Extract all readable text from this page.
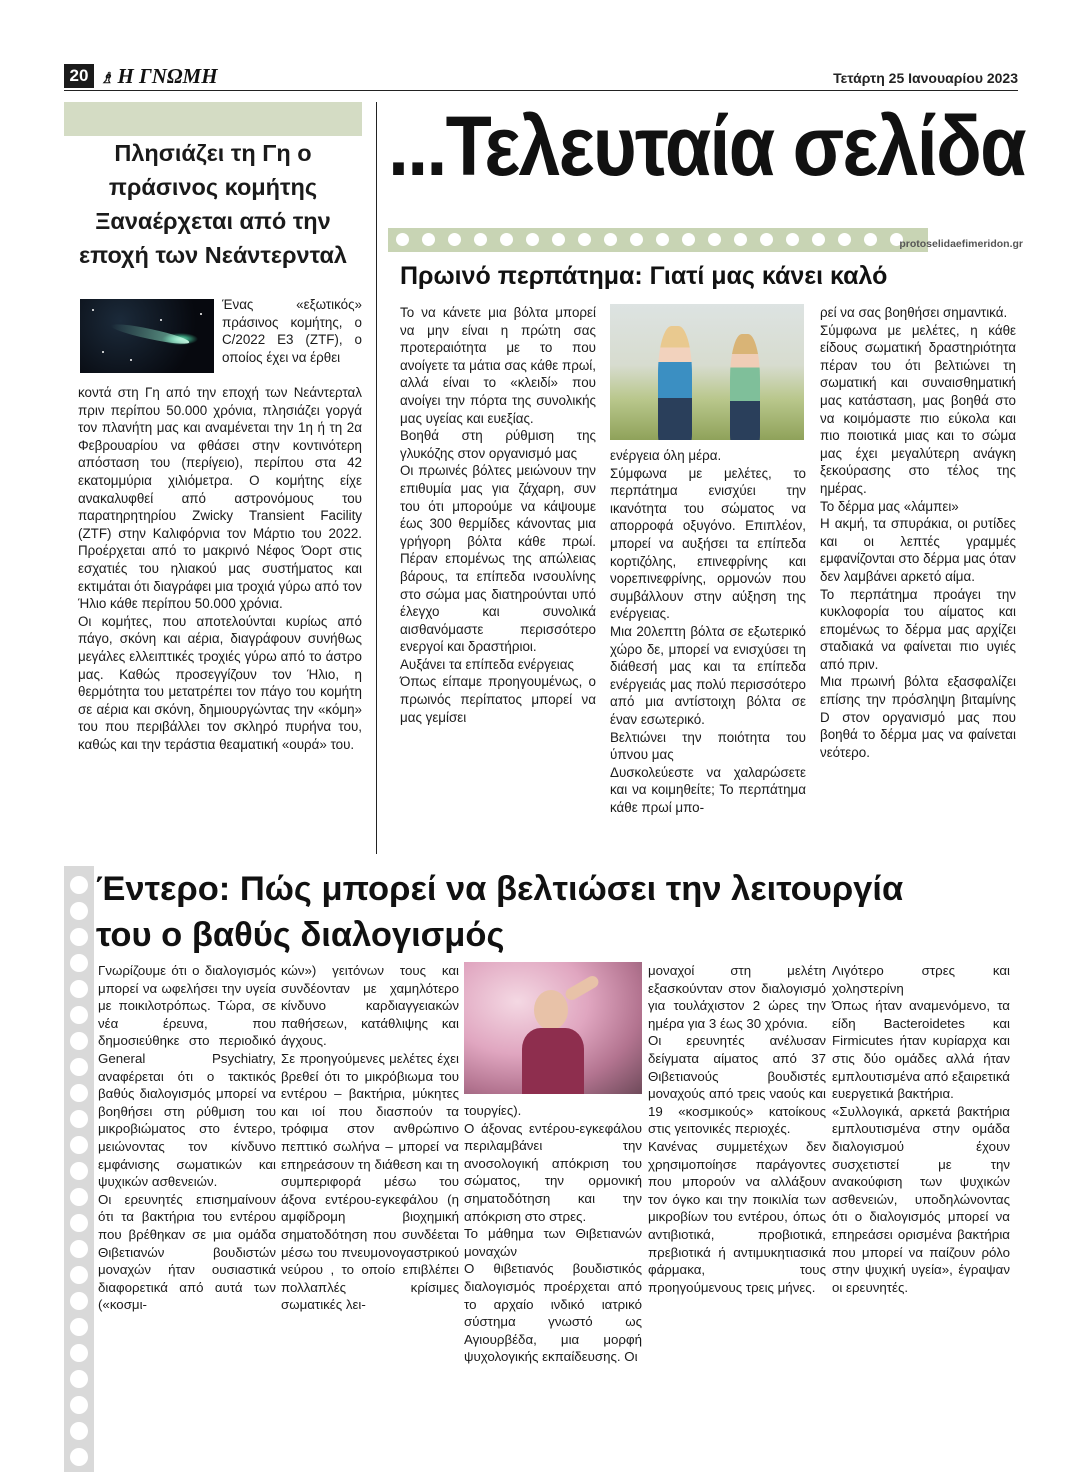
20 ♗ Η ΓΝΩΜΗ	Τετάρτη 25 Ιανουαρίου 2023
Πλησιάζει τη Γη ο πράσινος κομήτης Ξαναέρχεται από την εποχή των Νεάντερνταλ
Ένας «εξωτικός» πράσινος κομήτης, ο C/2022 E3 (ZTF), ο οποίος έχει να έρθει

κοντά στη Γη από την εποχή των Νεάντερταλ πριν περίπου 50.000 χρόνια, πλησιάζει γοργά τον πλανήτη μας και αναμένεται την 1η ή τη 2α Φεβρουαρίου να φθάσει στην κοντινότερη απόσταση του (περίγειο), περίπου στα 42 εκατομμύρια χιλιόμετρα. Ο κομήτης είχε ανακαλυφθεί από αστρονόμους του παρατηρητηρίου Zwicky Transient Facility (ZTF) στην Καλιφόρνια τον Μάρτιο του 2022. Προέρχεται από το μακρινό Νέφος Όορτ στις εσχατιές του ηλιακού μας συστήματος και εκτιμάται ότι διαγράφει μια τροχιά γύρω από τον Ήλιο κάθε περίπου 50.000 χρόνια.

Οι κομήτες, που αποτελούνται κυρίως από πάγο, σκόνη και αέρια, διαγράφουν συνήθως μεγάλες ελλειπτικές τροχιές γύρω από το άστρο μας. Καθώς προσεγγίζουν τον Ήλιο, η θερμότητα του μετατρέπει τον πάγο του κομήτη σε αέρια και σκόνη, δημιουργώντας την «κόμη» του που περιβάλλει τον σκληρό πυρήνα του, καθώς και την τεράστια θεαματική «ουρά» του.

...Τελευταία σελίδα
protoselidaefimeridon.gr
Πρωινό περπάτημα: Γιατί μας κάνει καλό

Το να κάνετε μια βόλτα μπορεί να μην είναι η πρώτη σας προτεραιότητα με το που ανοίγετε τα μάτια σας κάθε πρωί, αλλά είναι το «κλειδί» που ανοίγει την πόρτα της συνολικής μας υγείας και ευεξίας.

Βοηθά στη ρύθμιση της γλυκόζης στον οργανισμό μας

Οι πρωινές βόλτες μειώνουν την επιθυμία μας για ζάχαρη, συν του ότι μπορούμε να κάψουμε έως 300 θερμίδες κάνοντας μια γρήγορη βόλτα κάθε πρωί. Πέραν επομένως της απώλειας βάρους, τα επίπεδα ινσουλίνης στο σώμα μας διατηρούνται υπό έλεγχο και συνολικά αισθανόμαστε περισσότερο ενεργοί και δραστήριοι.

Αυξάνει τα επίπεδα ενέργειας

Όπως είπαμε προηγουμένως, ο πρωινός περίπατος μπορεί να μας γεμίσει

ενέργεια όλη μέρα.

Σύμφωνα με μελέτες, το περπάτημα ενισχύει την ικανότητα του σώματος να απορροφά οξυγόνο. Επιπλέον, μπορεί να αυξήσει τα επίπεδα κορτιζόλης, επινεφρίνης και νορεπινεφρίνης, ορμονών που συμβάλλουν στην αύξηση της ενέργειας.

Μια 20λεπτη βόλτα σε εξωτερικό χώρο δε, μπορεί να ενισχύσει τη διάθεσή μας και τα επίπεδα ενέργειάς μας πολύ περισσότερο από μια αντίστοιχη βόλτα σε έναν εσωτερικό.

Βελτιώνει την ποιότητα του ύπνου μας

Δυσκολεύεστε να χαλαρώσετε και να κοιμηθείτε; Το περπάτημα κάθε πρωί μπο-

ρεί να σας βοηθήσει σημαντικά.

Σύμφωνα με μελέτες, η κάθε είδους σωματική δραστηριότητα πέραν του ότι βελτιώνει τη σωματική και συναισθηματική μας κατάσταση, μας βοηθά στο να κοιμόμαστε πιο εύκολα και πιο ποιοτικά μιας και το σώμα μας έχει μεγαλύτερη ανάγκη ξεκούρασης στο τέλος της ημέρας.

Το δέρμα μας «λάμπει»

Η ακμή, τα σπυράκια, οι ρυτίδες και οι λεπτές γραμμές εμφανίζονται στο δέρμα μας όταν δεν λαμβάνει αρκετό αίμα.

Το περπάτημα προάγει την κυκλοφορία του αίματος και επομένως το δέρμα μας αρχίζει σταδιακά να φαίνεται πιο υγιές από πριν.

Μια πρωινή βόλτα εξασφαλίζει επίσης την πρόσληψη βιταμίνης D στον οργανισμό μας που βοηθά το δέρμα μας να φαίνεται νεότερο.

Έντερο: Πώς μπορεί να βελτιώσει την λειτουργία
του ο βαθύς διαλογισμός

Γνωρίζουμε ότι ο διαλογισμός μπορεί να ωφελήσει την υγεία με ποικιλοτρόπως. Τώρα, σε νέα έρευνα, που δημοσιεύθηκε στο περιοδικό General Psychiatry, αναφέρεται ότι ο τακτικός βαθύς διαλογισμός μπορεί να βοηθήσει στη ρύθμιση του μικροβιώματος στο έντερο, μειώνοντας τον κίνδυνο εμφάνισης σωματικών και ψυχικών ασθενειών.

Οι ερευνητές επισημαίνουν ότι τα βακτήρια του εντέρου που βρέθηκαν σε μια ομάδα Θιβετιανών βουδιστών μοναχών ήταν ουσιαστικά διαφορετικά από αυτά των («κοσμι-

κών») γειτόνων τους και συνδέονταν με χαμηλότερο κίνδυνο καρδιαγγειακών παθήσεων, κατάθλιψης και άγχους.

Σε προηγούμενες μελέτες έχει βρεθεί ότι το μικρόβιωμα του εντέρου – βακτήρια, μύκητες και ιοί που διασπούν τα τρόφιμα στον ανθρώπινο πεπτικό σωλήνα – μπορεί να επηρεάσουν τη διάθεση και τη συμπεριφορά μέσω του άξονα εντέρου-εγκεφάλου (η αμφίδρομη βιοχημική σηματοδότηση που συνδέεται μέσω του πνευμονογαστρικού νεύρου , το οποίο επιβλέπει πολλαπλές κρίσιμες σωματικές λει-

τουργίες).

Ο άξονας εντέρου-εγκεφάλου περιλαμβάνει την ανοσολογική απόκριση του σώματος, την ορμονική σηματοδότηση και την απόκριση στο στρες.

Το μάθημα των Θιβετιανών μοναχών

Ο θιβετιανός βουδιστικός διαλογισμός προέρχεται από το αρχαίο ινδικό ιατρικό σύστημα γνωστό ως Αγιουρβέδα, μια μορφή ψυχολογικής εκπαίδευσης. Οι

μοναχοί στη μελέτη εξασκούνταν στον διαλογισμό για τουλάχιστον 2 ώρες την ημέρα για 3 έως 30 χρόνια.

Οι ερευνητές ανέλυσαν δείγματα αίματος από 37 Θιβετιανούς βουδιστές μοναχούς από τρεις ναούς και 19 «κοσμικούς» κατοίκους στις γειτονικές περιοχές.

Κανένας συμμετέχων δεν χρησιμοποίησε παράγοντες που μπορούν να αλλάξουν τον όγκο και την ποικιλία των μικροβίων του εντέρου, όπως αντιβιοτικά, προβιοτικά, πρεβιοτικά ή αντιμυκητιασικά φάρμακα, τους προηγούμενους τρεις μήνες.

Λιγότερο στρες και χοληστερίνη

Όπως ήταν αναμενόμενο, τα είδη Bacteroidetes και Firmicutes ήταν κυρίαρχα και στις δύο ομάδες αλλά ήταν εμπλουτισμένα από εξαιρετικά ευεργετικά βακτήρια.

«Συλλογικά, αρκετά βακτήρια εμπλουτισμένα στην ομάδα διαλογισμού έχουν συσχετιστεί με την ανακούφιση των ψυχικών ασθενειών, υποδηλώνοντας ότι ο διαλογισμός μπορεί να επηρεάσει ορισμένα βακτήρια που μπορεί να παίζουν ρόλο στην ψυχική υγεία», έγραψαν οι ερευνητές.
